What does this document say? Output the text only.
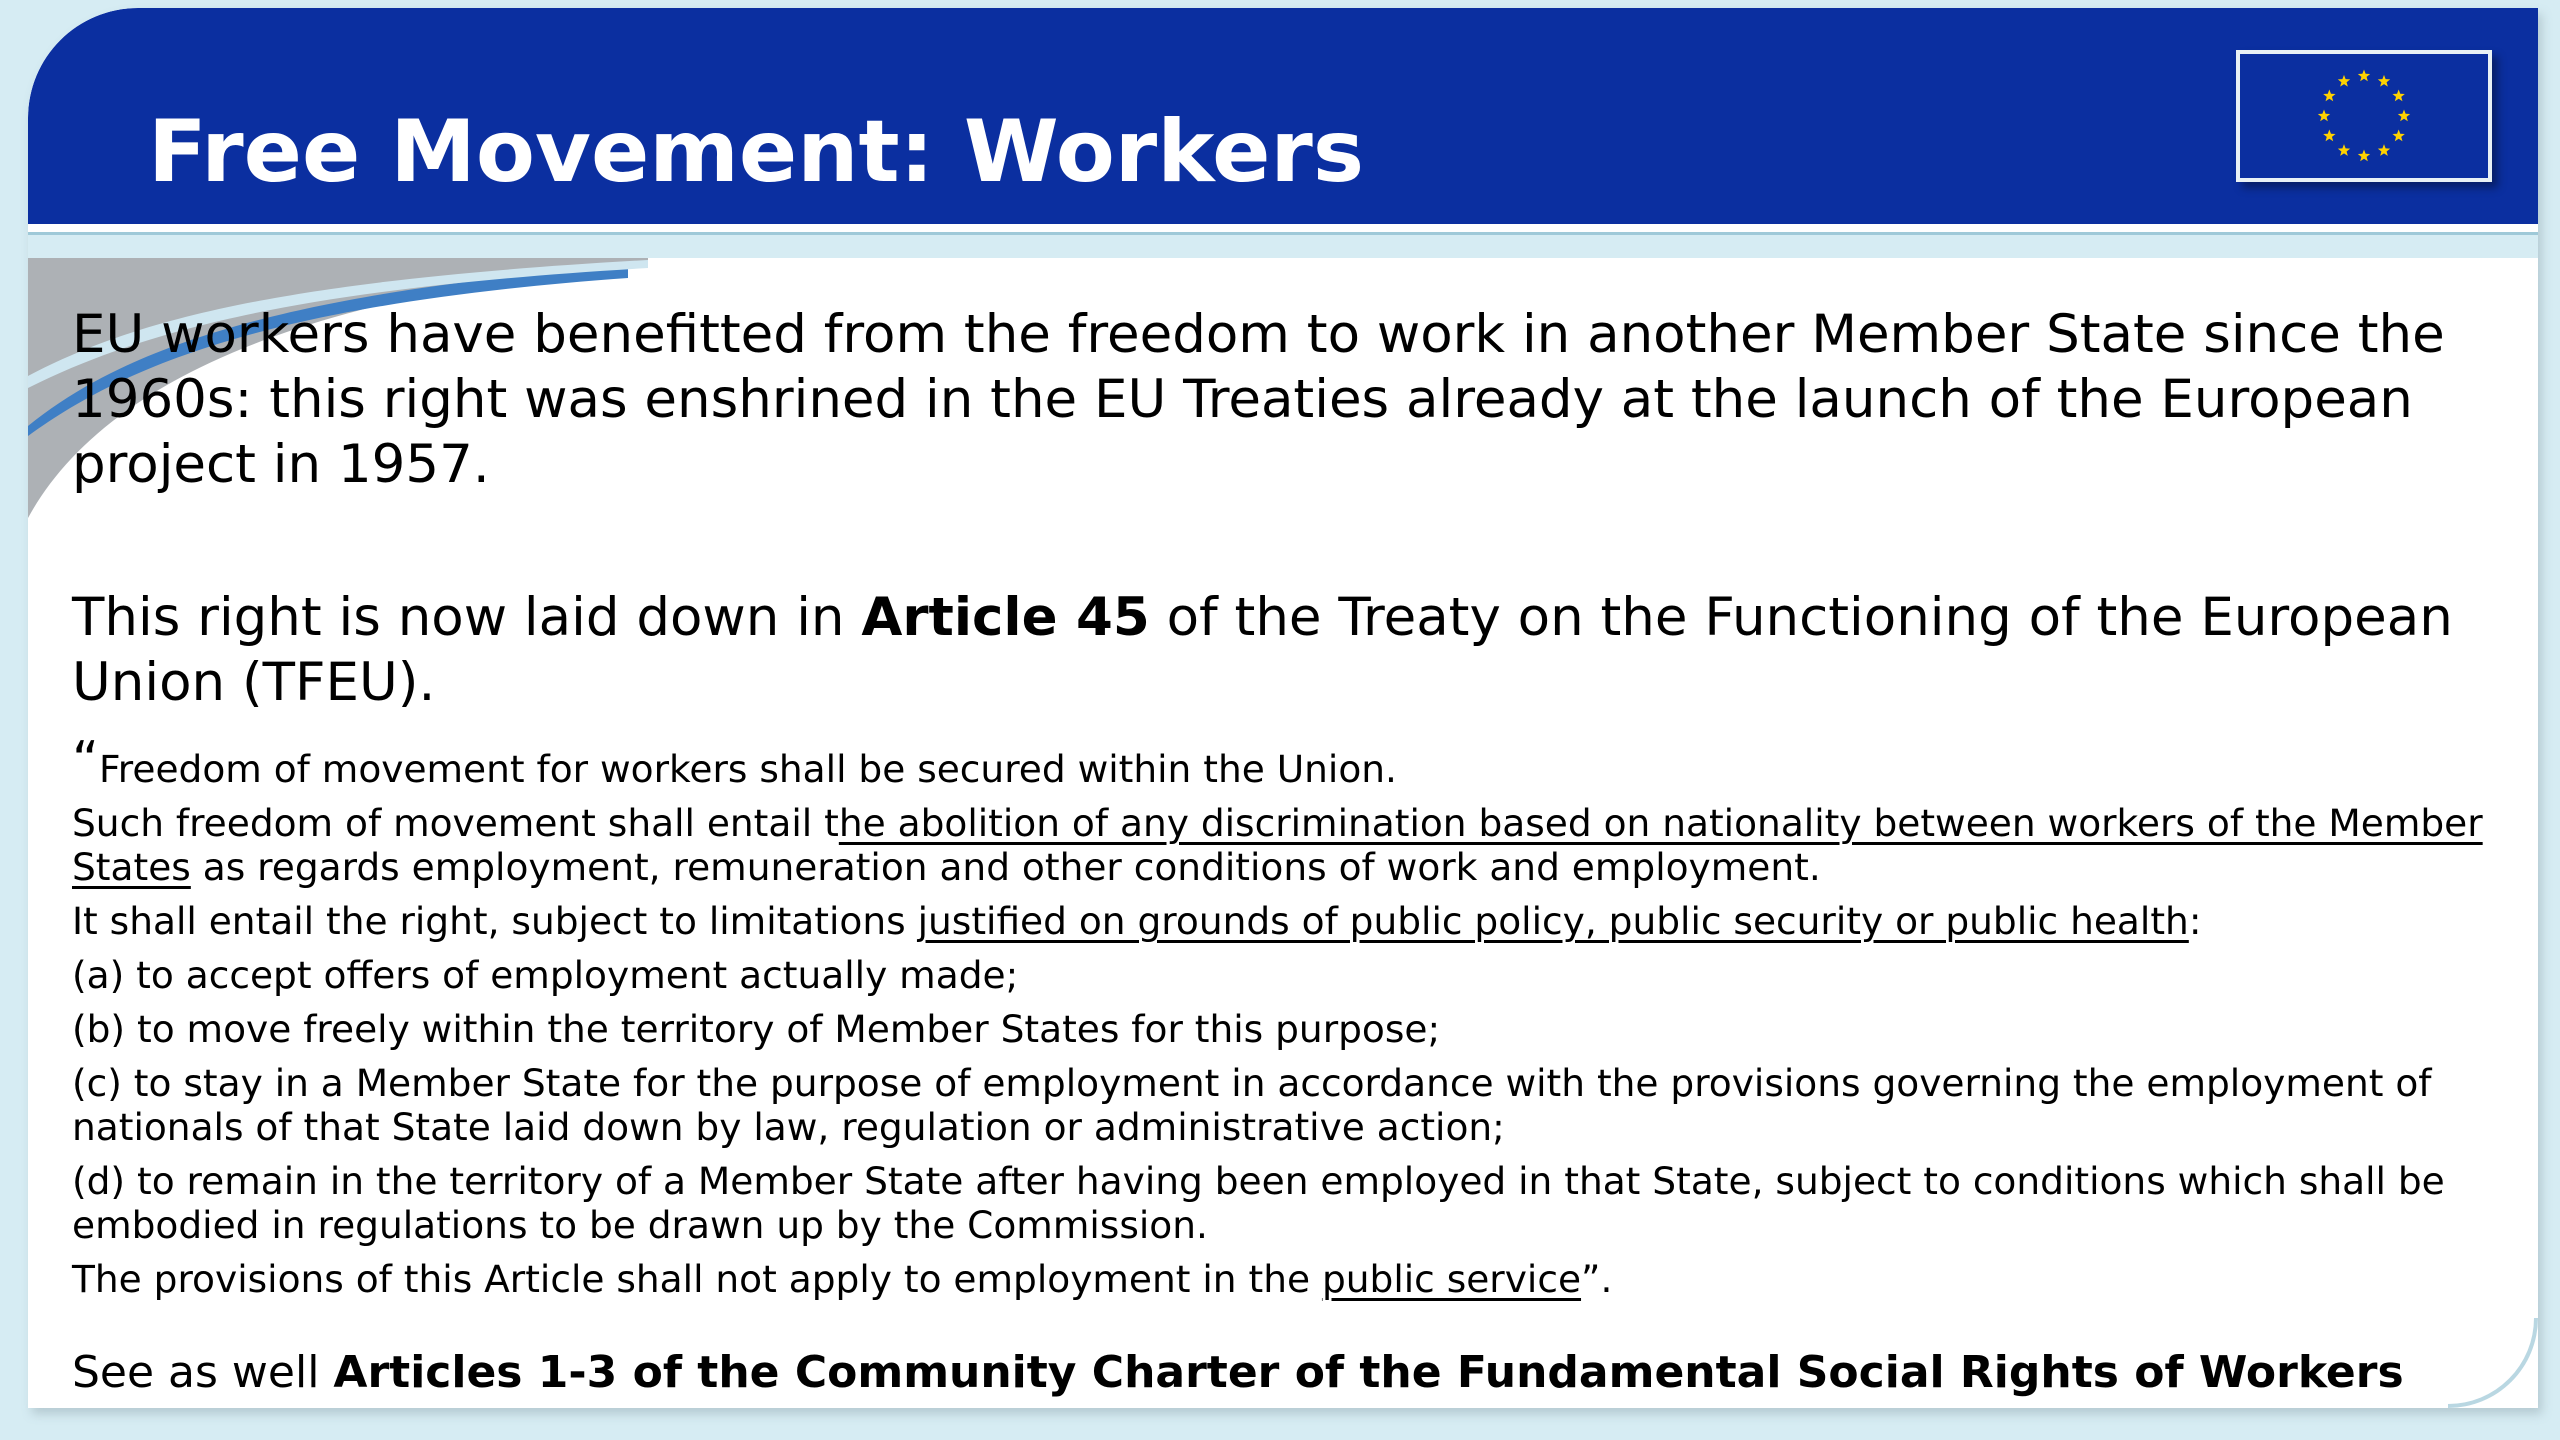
Free Movement: Workers

EU workers have benefitted from the freedom to work in another Member State since the 1960s: this right was enshrined in the EU Treaties already at the launch of the European project in 1957.

This right is now laid down in Article 45 of the Treaty on the Functioning of the European Union (TFEU).

“Freedom of movement for workers shall be secured within the Union.

Such freedom of movement shall entail the abolition of any discrimination based on nationality between workers of the Member States as regards employment, remuneration and other conditions of work and employment.

It shall entail the right, subject to limitations justified on grounds of public policy, public security or public health:

(a) to accept offers of employment actually made;

(b) to move freely within the territory of Member States for this purpose;

(c) to stay in a Member State for the purpose of employment in accordance with the provisions governing the employment of nationals of that State laid down by law, regulation or administrative action;

(d) to remain in the territory of a Member State after having been employed in that State, subject to conditions which shall be embodied in regulations to be drawn up by the Commission.

The provisions of this Article shall not apply to employment in the public service”.

See as well Articles 1-3 of the Community Charter of the Fundamental Social Rights of Workers
